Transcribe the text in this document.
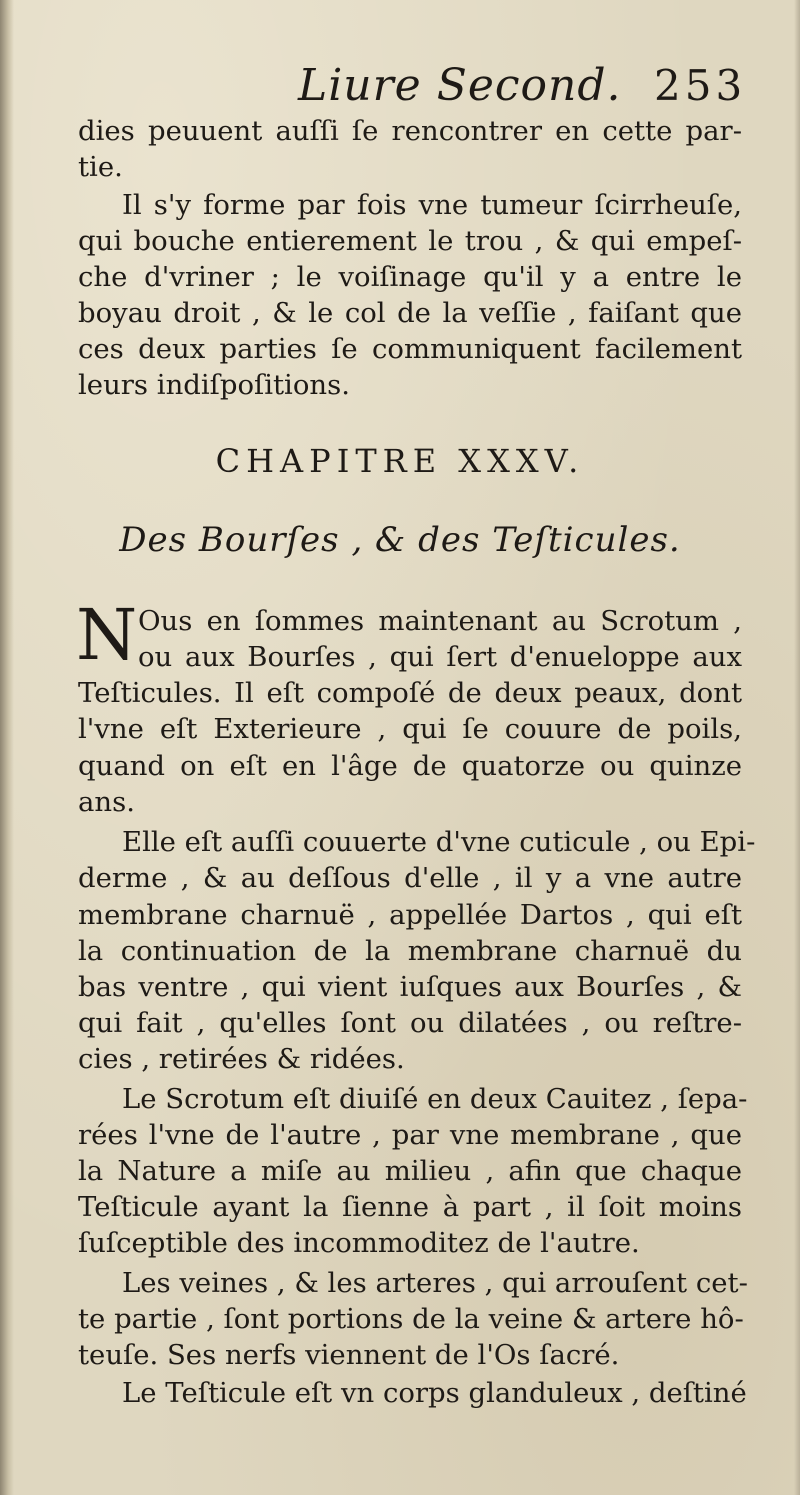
Liure Second. 253
dies peuuent auſſi ſe rencontrer en cette par-
tie.
Il s'y forme par fois vne tumeur ſcirrheuſe,
qui bouche entierement le trou , & qui empeſ-
che d'vriner ; le voiſinage qu'il y a entre le
boyau droit , & le col de la veſſie , faiſant que
ces deux parties ſe communiquent facilement
leurs indiſpoſitions.
CHAPITRE XXXV.
Des Bourſes , & des Teſticules.
N Ous en ſommes maintenant au Scrotum ,
ou aux Bourſes , qui ſert d'enueloppe aux
Teſticules. Il eſt compoſé de deux peaux, dont
l'vne eſt Exterieure , qui ſe couure de poils,
quand on eſt en l'âge de quatorze ou quinze
ans.
Elle eſt auſſi couuerte d'vne cuticule , ou Epi-
derme , & au deſſous d'elle , il y a vne autre
membrane charnuë , appellée Dartos , qui eſt
la continuation de la membrane charnuë du
bas ventre , qui vient iuſques aux Bourſes , &
qui fait , qu'elles ſont ou dilatées , ou reſtre-
cies , retirées & ridées.
Le Scrotum eſt diuiſé en deux Cauitez , ſepa-
rées l'vne de l'autre , par vne membrane , que
la Nature a miſe au milieu , afin que chaque
Teſticule ayant la ſienne à part , il ſoit moins
ſuſceptible des incommoditez de l'autre.
Les veines , & les arteres , qui arrouſent cet-
te partie , ſont portions de la veine & artere hô-
teuſe. Ses nerfs viennent de l'Os ſacré.
Le Teſticule eſt vn corps glanduleux , deſtiné
